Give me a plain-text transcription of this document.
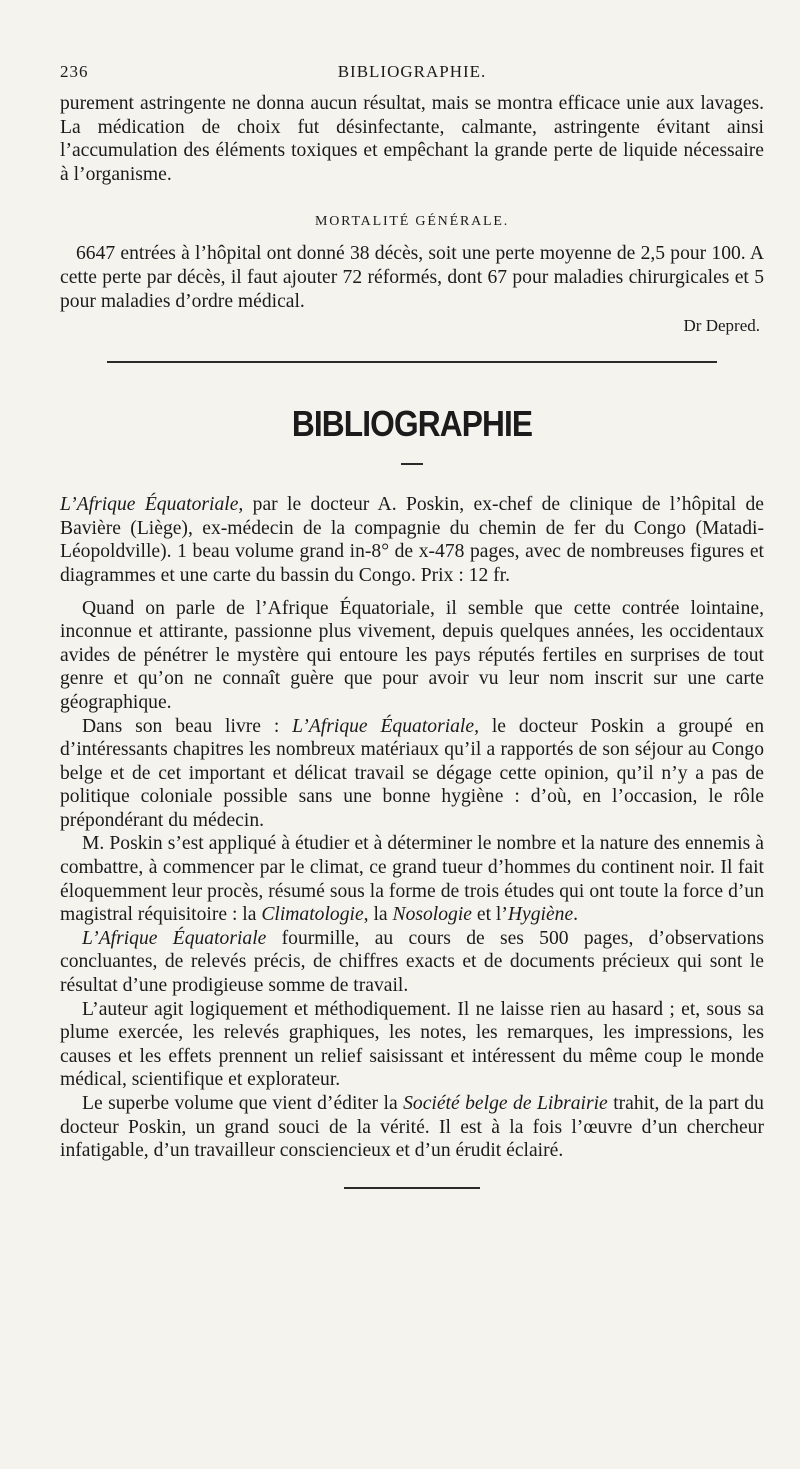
236	BIBLIOGRAPHIE.

purement astringente ne donna aucun résultat, mais se montra efficace unie aux lavages. La médication de choix fut désinfectante, calmante, astringente évitant ainsi l’accumulation des éléments toxiques et empêchant la grande perte de liquide nécessaire à l’organisme.

MORTALITÉ GÉNÉRALE.

6647 entrées à l’hôpital ont donné 38 décès, soit une perte moyenne de 2,5 pour 100. A cette perte par décès, il faut ajouter 72 réformés, dont 67 pour maladies chirurgicales et 5 pour maladies d’ordre médical.

Dr Depred.
BIBLIOGRAPHIE

L’Afrique Équatoriale, par le docteur A. Poskin, ex-chef de clinique de l’hôpital de Bavière (Liège), ex-médecin de la compagnie du chemin de fer du Congo (Matadi-Léopoldville). 1 beau volume grand in-8° de x-478 pages, avec de nombreuses figures et diagrammes et une carte du bassin du Congo. Prix : 12 fr.

Quand on parle de l’Afrique Équatoriale, il semble que cette contrée lointaine, inconnue et attirante, passionne plus vivement, depuis quelques années, les occidentaux avides de pénétrer le mystère qui entoure les pays réputés fertiles en surprises de tout genre et qu’on ne connaît guère que pour avoir vu leur nom inscrit sur une carte géographique.

Dans son beau livre : L’Afrique Équatoriale, le docteur Poskin a groupé en d’intéressants chapitres les nombreux matériaux qu’il a rapportés de son séjour au Congo belge et de cet important et délicat travail se dégage cette opinion, qu’il n’y a pas de politique coloniale possible sans une bonne hygiène : d’où, en l’occasion, le rôle prépondérant du médecin.

M. Poskin s’est appliqué à étudier et à déterminer le nombre et la nature des ennemis à combattre, à commencer par le climat, ce grand tueur d’hommes du continent noir. Il fait éloquemment leur procès, résumé sous la forme de trois études qui ont toute la force d’un magistral réquisitoire : la Climatologie, la Nosologie et l’Hygiène.

L’Afrique Équatoriale fourmille, au cours de ses 500 pages, d’observations concluantes, de relevés précis, de chiffres exacts et de documents précieux qui sont le résultat d’une prodigieuse somme de travail.

L’auteur agit logiquement et méthodiquement. Il ne laisse rien au hasard ; et, sous sa plume exercée, les relevés graphiques, les notes, les remarques, les impressions, les causes et les effets prennent un relief saisissant et intéressent du même coup le monde médical, scientifique et explorateur.

Le superbe volume que vient d’éditer la Société belge de Librairie trahit, de la part du docteur Poskin, un grand souci de la vérité. Il est à la fois l’œuvre d’un chercheur infatigable, d’un travailleur consciencieux et d’un érudit éclairé.
